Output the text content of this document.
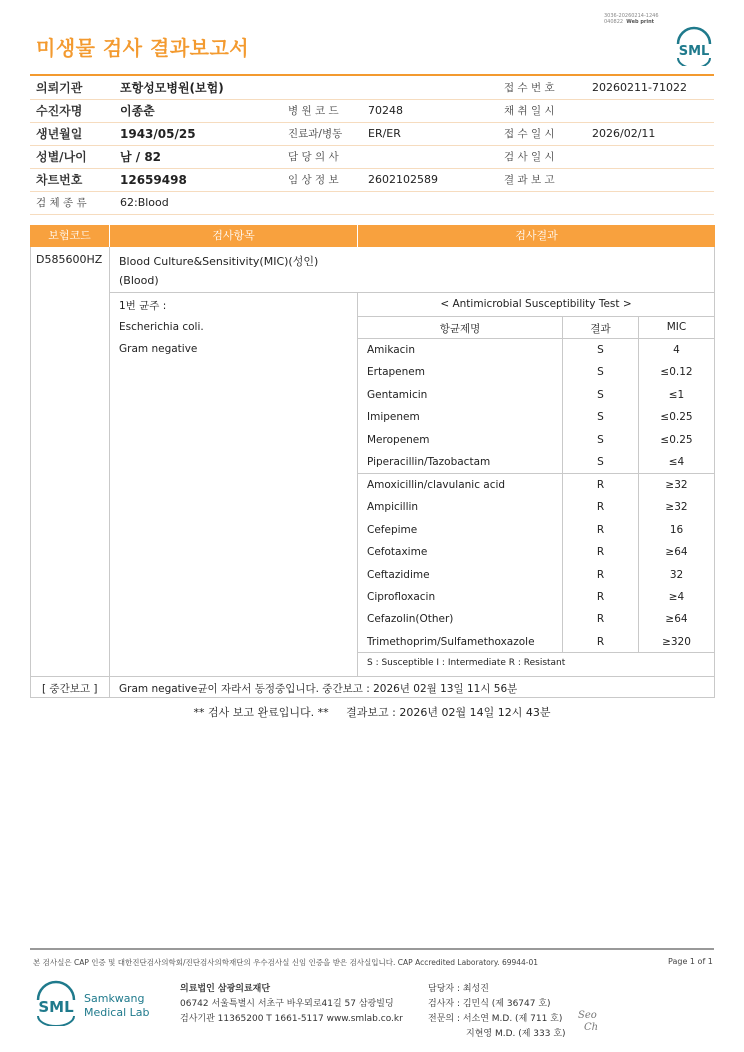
미생물 검사 결과보고서
3036-20260214-1246
040822 Web print
SML
의뢰기관	포항성모병원(보험)			접 수 번 호	20260211-71022
수진자명	이종춘	병 원 코 드	70248	채 취 일 시	
생년월일	1943/05/25	진료과/병동	ER/ER	접 수 일 시	2026/02/11
성별/나이	남 / 82	담 당 의 사		검 사 일 시	
차트번호	12659498	임 상 정 보	2602102589	결 과 보 고	
검 체 종 류	62:Blood				
보험코드	검사항목	검사결과
D585600HZ Blood Culture&Sensitivity(MIC)(성인)
(Blood)
1번 균주 :
Escherichia coli.
Gram negative
< Antimicrobial Susceptibility Test >
항균제명	결과	MIC
Amikacin	S	4
Ertapenem	S	≤0.12
Gentamicin	S	≤1
Imipenem	S	≤0.25
Meropenem	S	≤0.25
Piperacillin/Tazobactam	S	≤4
Amoxicillin/clavulanic acid	R	≥32
Ampicillin	R	≥32
Cefepime	R	16
Cefotaxime	R	≥64
Ceftazidime	R	32
Ciprofloxacin	R	≥4
Cefazolin(Other)	R	≥64
Trimethoprim/Sulfamethoxazole	R	≥320
S : Susceptible I : Intermediate R : Resistant
[ 중간보고 ] Gram negative균이 자라서 동정중입니다. 중간보고 : 2026년 02월 13일 11시 56분
** 검사 보고 완료입니다. **     결과보고 : 2026년 02월 14일 12시 43분
본 검사실은 CAP 인증 및 대한진단검사의학회/진단검사의학재단의 우수검사실 신임 인증을 받은 검사실입니다. CAP Accredited Laboratory. 69944-01	Page 1 of 1
SML Samkwang
Medical Lab
의료법인 삼광의료재단
06742 서울특별시 서초구 바우뫼로41길 57 삼광빌딩
검사기관 11365200 T 1661-5117 www.smlab.co.kr
담당자 : 최성진
검사자 : 김민식 (제 36747 호)
전문의 : 서소연 M.D. (제 711 호)
지현영 M.D. (제 333 호)
Seo
Ch
